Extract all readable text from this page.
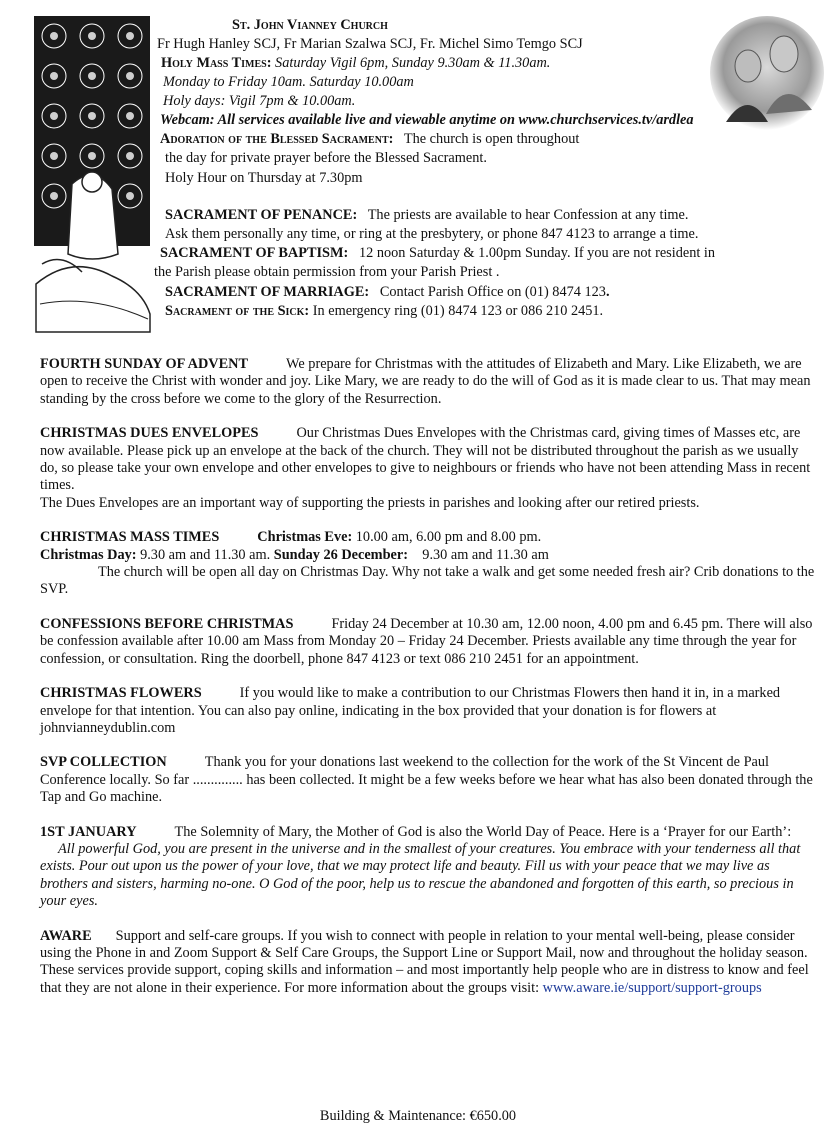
St. John Vianney Church
Fr Hugh Hanley SCJ, Fr Marian Szalwa SCJ, Fr. Michel Simo Temgo SCJ
Holy Mass Times: Saturday Vigil 6pm, Sunday 9.30am & 11.30am.
Monday to Friday 10am. Saturday 10.00am
Holy days: Vigil 7pm & 10.00am.
Webcam: All services available live and viewable anytime on www.churchservices.tv/ardlea
Adoration of the Blessed Sacrament:   The church is open throughout
the day for private prayer before the Blessed Sacrament.
Holy Hour on Thursday at 7.30pm
SACRAMENT OF PENANCE:   The priests are available to hear Confession at any time.
Ask them personally any time, or ring at the presbytery, or phone 847 4123 to arrange a time.
SACRAMENT OF BAPTISM:   12 noon Saturday & 1.00pm Sunday. If you are not resident in
the Parish please obtain permission from your Parish Priest .
SACRAMENT OF MARRIAGE:   Contact Parish Office on (01) 8474 123.
Sacrament of the Sick: In emergency ring (01) 8474 123 or 086 210 2451.

FOURTH SUNDAY OF ADVENT	We prepare for Christmas with the attitudes of Elizabeth and Mary. Like Elizabeth, we are open to receive the Christ with wonder and joy. Like Mary, we are ready to do the will of God as it is made clear to us. That may mean standing by the cross before we come to the glory of the Resurrection.

CHRISTMAS DUES ENVELOPES	Our Christmas Dues Envelopes with the Christmas card, giving times of Masses etc, are now available. Please pick up an envelope at the back of the church. They will not be distributed throughout the parish as we usually do, so please take your own envelope and other envelopes to give to neighbours or friends who have not been attending Mass in recent times.

The Dues Envelopes are an important way of supporting the priests in parishes and looking after our retired priests.

CHRISTMAS MASS TIMES	Christmas Eve: 10.00 am, 6.00 pm and 8.00 pm.

Christmas Day: 9.30 am and 11.30 am. Sunday 26 December:    9.30 am and 11.30 am

The church will be open all day on Christmas Day. Why not take a walk and get some needed fresh air? Crib donations to the SVP.

CONFESSIONS BEFORE CHRISTMAS	Friday 24 December at 10.30 am, 12.00 noon, 4.00 pm and 6.45 pm. There will also be confession available after 10.00 am Mass from Monday 20 – Friday 24 December. Priests available any time through the year for confession, or consultation. Ring the doorbell, phone 847 4123 or text 086 210 2451 for an appointment.

CHRISTMAS FLOWERS	If you would like to make a contribution to our Christmas Flowers then hand it in, in a marked envelope for that intention. You can also pay online, indicating in the box provided that your donation is for flowers at johnvianneydublin.com

SVP COLLECTION	Thank you for your donations last weekend to the collection for the work of the St Vincent de Paul Conference locally. So far .............. has been collected. It might be a few weeks before we hear what has also been donated through the Tap and Go machine.

1ST JANUARY	The Solemnity of Mary, the Mother of God is also the World Day of Peace. Here is a ‘Prayer for our Earth’:

All powerful God, you are present in the universe and in the smallest of your creatures. You embrace with your tenderness all that exists. Pour out upon us the power of your love, that we may protect life and beauty. Fill us with your peace that we may live as brothers and sisters, harming no-one. O God of the poor, help us to rescue the abandoned and forgotten of this earth, so precious in your eyes.

AWARE Support and self-care groups. If you wish to connect with people in relation to your mental well-being, please consider using the Phone in and Zoom Support & Self Care Groups, the Support Line or Support Mail, now and throughout the holiday season. These services provide support, coping skills and information – and most importantly help people who are in distress to know and feel that they are not alone in their experience. For more information about the groups visit: www.aware.ie/support/support-groups

Building & Maintenance: €650.00
